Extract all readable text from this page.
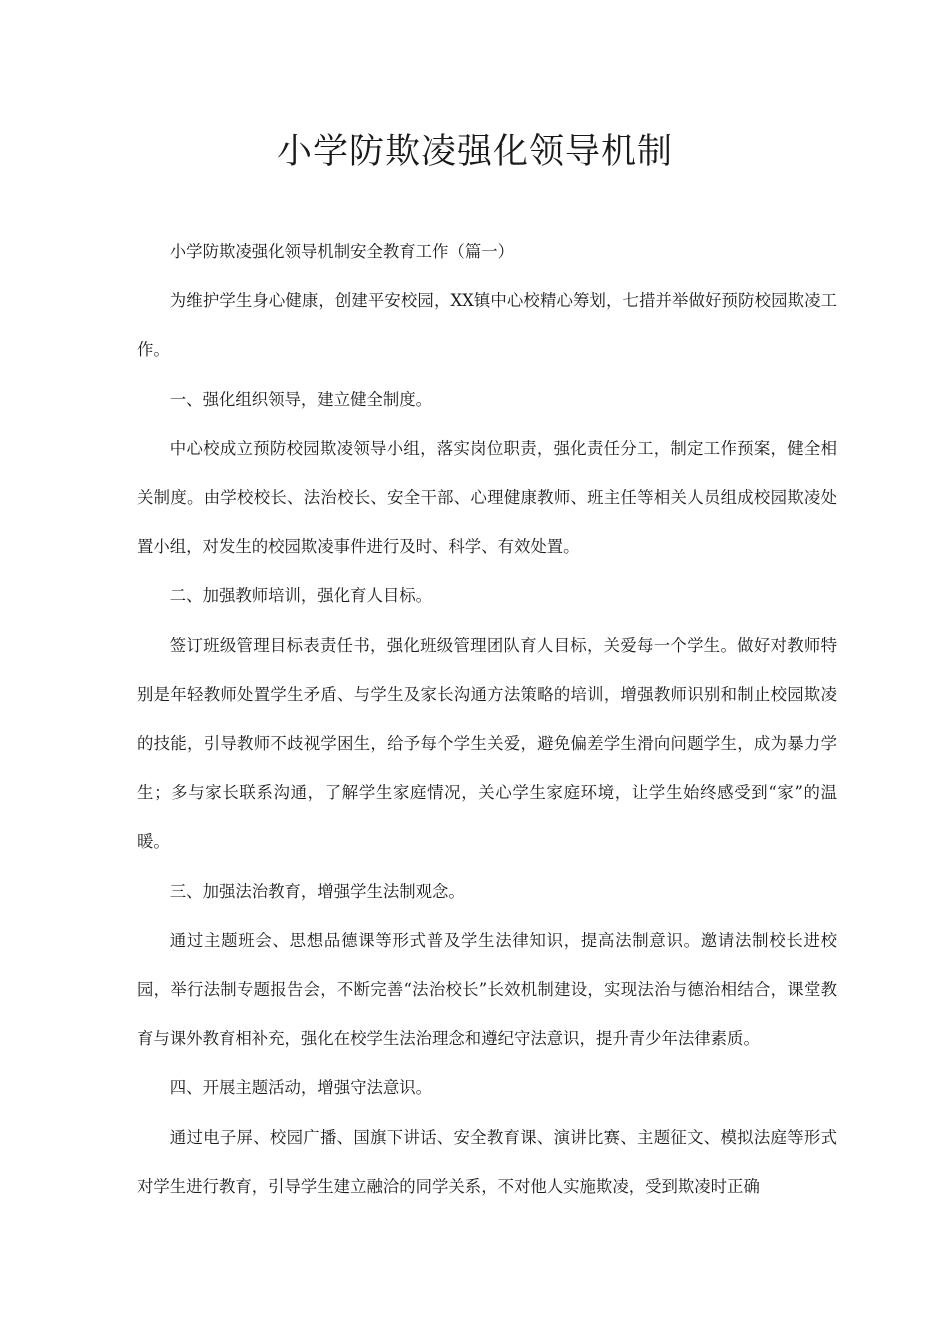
小学防欺凌强化领导机制

小学防欺凌强化领导机制安全教育工作（篇一）

为维护学生身心健康，创建平安校园，XX镇中心校精心筹划，七措并举做好预防校园欺凌工作。

一、强化组织领导，建立健全制度。

中心校成立预防校园欺凌领导小组，落实岗位职责，强化责任分工，制定工作预案，健全相关制度。由学校校长、法治校长、安全干部、心理健康教师、班主任等相关人员组成校园欺凌处置小组，对发生的校园欺凌事件进行及时、科学、有效处置。

二、加强教师培训，强化育人目标。

签订班级管理目标表责任书，强化班级管理团队育人目标，关爱每一个学生。做好对教师特别是年轻教师处置学生矛盾、与学生及家长沟通方法策略的培训，增强教师识别和制止校园欺凌的技能，引导教师不歧视学困生，给予每个学生关爱，避免偏差学生滑向问题学生，成为暴力学生；多与家长联系沟通，了解学生家庭情况，关心学生家庭环境，让学生始终感受到“家”的温暖。

三、加强法治教育，增强学生法制观念。

通过主题班会、思想品德课等形式普及学生法律知识，提高法制意识。邀请法制校长进校园，举行法制专题报告会，不断完善“法治校长”长效机制建设，实现法治与德治相结合，课堂教育与课外教育相补充，强化在校学生法治理念和遵纪守法意识，提升青少年法律素质。

四、开展主题活动，增强守法意识。

通过电子屏、校园广播、国旗下讲话、安全教育课、演讲比赛、主题征文、模拟法庭等形式对学生进行教育，引导学生建立融洽的同学关系，不对他人实施欺凌，受到欺凌时正确
